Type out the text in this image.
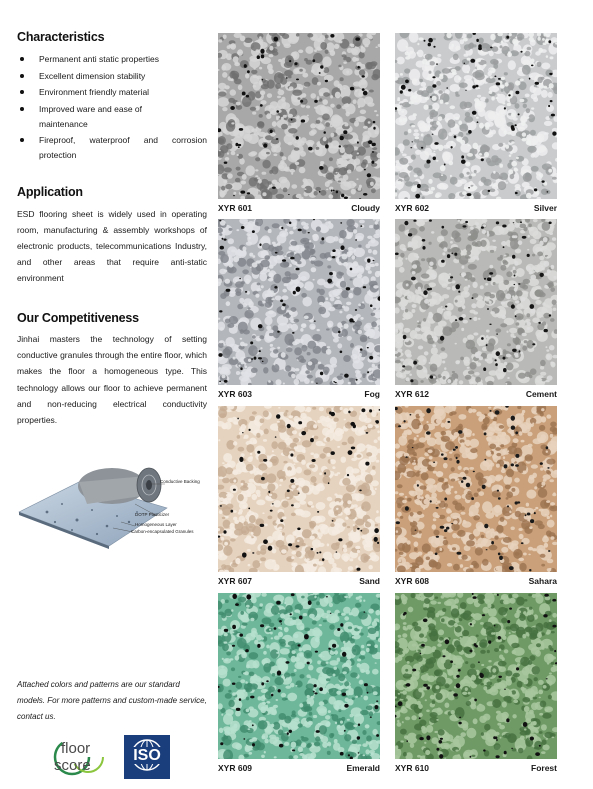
Characteristics
Permanent anti static properties
Excellent dimension stability
Environment friendly material
Improved ware and ease of maintenance
Fireproof, waterproof and corrosion protection
Application

ESD flooring sheet is widely used in operating room, manufacturing & assembly workshops of electronic products, telecommunications Industry, and other areas that require anti-static environment

Our Competitiveness

Jinhai masters the technology of setting conductive granules through the entire floor, which makes the floor a homogeneous type. This technology allows our floor to achieve permanent and non-reducing electrical conductivity properties.

Conductive Backing
DOTP Plasticizer
Homogeneous Layer
Carbon-encapsulated Granules

Attached colors and patterns are our standard models. For more patterns and custom-made service, contact us.

floor
score
ISO
XYR 601	Cloudy XYR 602	Silver
XYR 603	Fog XYR 612	Cement
XYR 607	Sand XYR 608	Sahara
XYR 609	Emerald XYR 610	Forest
